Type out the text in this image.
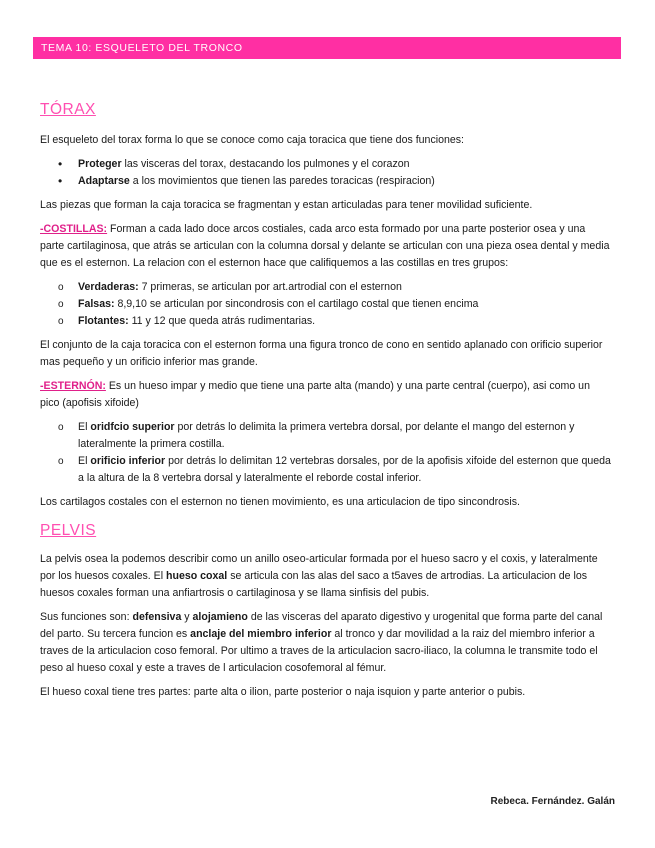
TEMA 10: ESQUELETO DEL TRONCO
TÓRAX

El esqueleto del torax forma lo que se conoce como caja toracica que tiene dos funciones:

• Proteger las visceras del torax, destacando los pulmones y el corazon
• Adaptarse a los movimientos que tienen las paredes toracicas (respiracion)

Las piezas que forman la caja toracica se fragmentan y estan articuladas para tener movilidad suficiente.

-COSTILLAS: Forman a cada lado doce arcos costiales, cada arco esta formado por una parte posterior osea y una parte cartilaginosa, que atrás se articulan con la columna dorsal y delante se articulan con una pieza osea dental y media que es el esternon. La relacion con el esternon hace que califiquemos a las costillas en tres grupos:

o Verdaderas: 7 primeras, se articulan por art.artrodial con el esternon
o Falsas: 8,9,10 se articulan por sincondrosis con el cartilago costal que tienen encima
o Flotantes: 11 y 12 que queda atrás rudimentarias.

El conjunto de la caja toracica con el esternon forma una figura tronco de cono en sentido aplanado con orificio superior mas pequeño y un orificio inferior mas grande.

-ESTERNÓN: Es un hueso impar y medio que tiene una parte alta (mando) y una parte central (cuerpo), asi como un pico (apofisis xifoide)

o El oridfcio superior por detrás lo delimita la primera vertebra dorsal, por delante el mango del esternon y lateralmente la primera costilla.
o El orificio inferior por detrás lo delimitan 12 vertebras dorsales, por de la apofisis xifoide del esternon que queda a la altura de la 8 vertebra dorsal y lateralmente el reborde costal inferior.

Los cartilagos costales con el esternon no tienen movimiento, es una articulacion de tipo sincondrosis.

PELVIS

La pelvis osea la podemos describir como un anillo oseo-articular formada por el hueso sacro y el coxis, y lateralmente por los huesos coxales. El hueso coxal se articula con las alas del saco a t5aves de artrodias. La articulacion de los huesos coxales forman una anfiartrosis o cartilaginosa y se llama sinfisis del pubis.

Sus funciones son: defensiva y alojamieno de las visceras del aparato digestivo y urogenital que forma parte del canal del parto. Su tercera funcion es anclaje del miembro inferior al tronco y dar movilidad a la raiz del miembro inferior a traves de la articulacion coso femoral. Por ultimo a traves de la articulacion sacro-iliaco, la columna le transmite todo el peso al hueso coxal y este a traves de l articulacion cosofemoral al fémur.

El hueso coxal tiene tres partes: parte alta o ilion, parte posterior o naja isquion y parte anterior o pubis.

Rebeca. Fernández. Galán
